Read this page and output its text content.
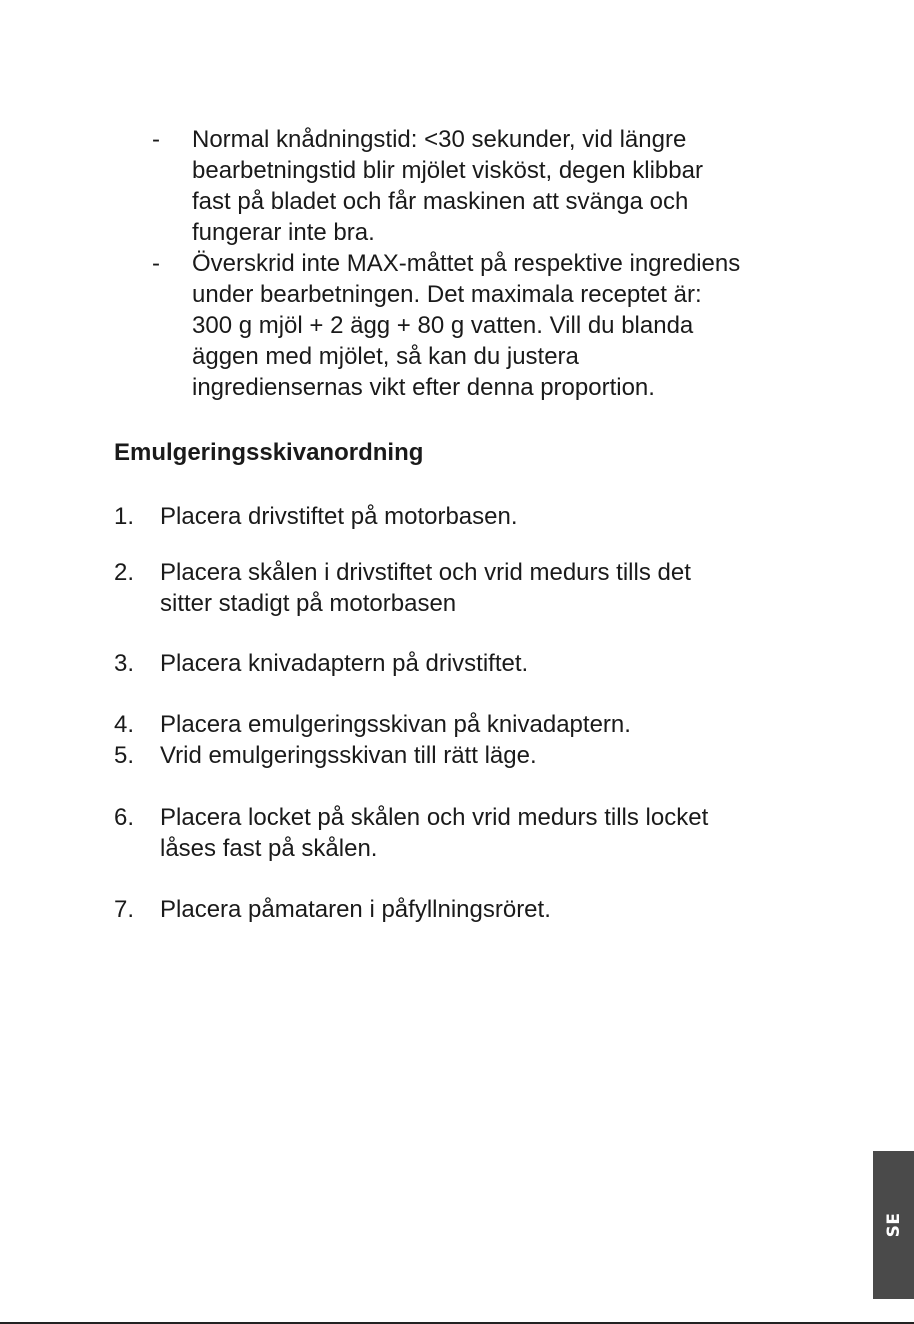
-	Normal knådningstid: <30 sekunder, vid längre
bearbetningstid blir mjölet visköst, degen klibbar
fast på bladet och får maskinen att svänga och
fungerar inte bra.
-	Överskrid inte MAX-måttet på respektive ingrediens
under bearbetningen. Det maximala receptet är:
300 g mjöl + 2 ägg + 80 g vatten. Vill du blanda
äggen med mjölet, så kan du justera
ingrediensernas vikt efter denna proportion.
Emulgeringsskivanordning
1. Placera drivstiftet på motorbasen.
2. Placera skålen i drivstiftet och vrid medurs tills det
sitter stadigt på motorbasen
3. Placera knivadaptern på drivstiftet.
4. Placera emulgeringsskivan på knivadaptern.
5. Vrid emulgeringsskivan till rätt läge.
6. Placera locket på skålen och vrid medurs tills locket
låses fast på skålen.
7. Placera påmataren i påfyllningsröret.
SE
